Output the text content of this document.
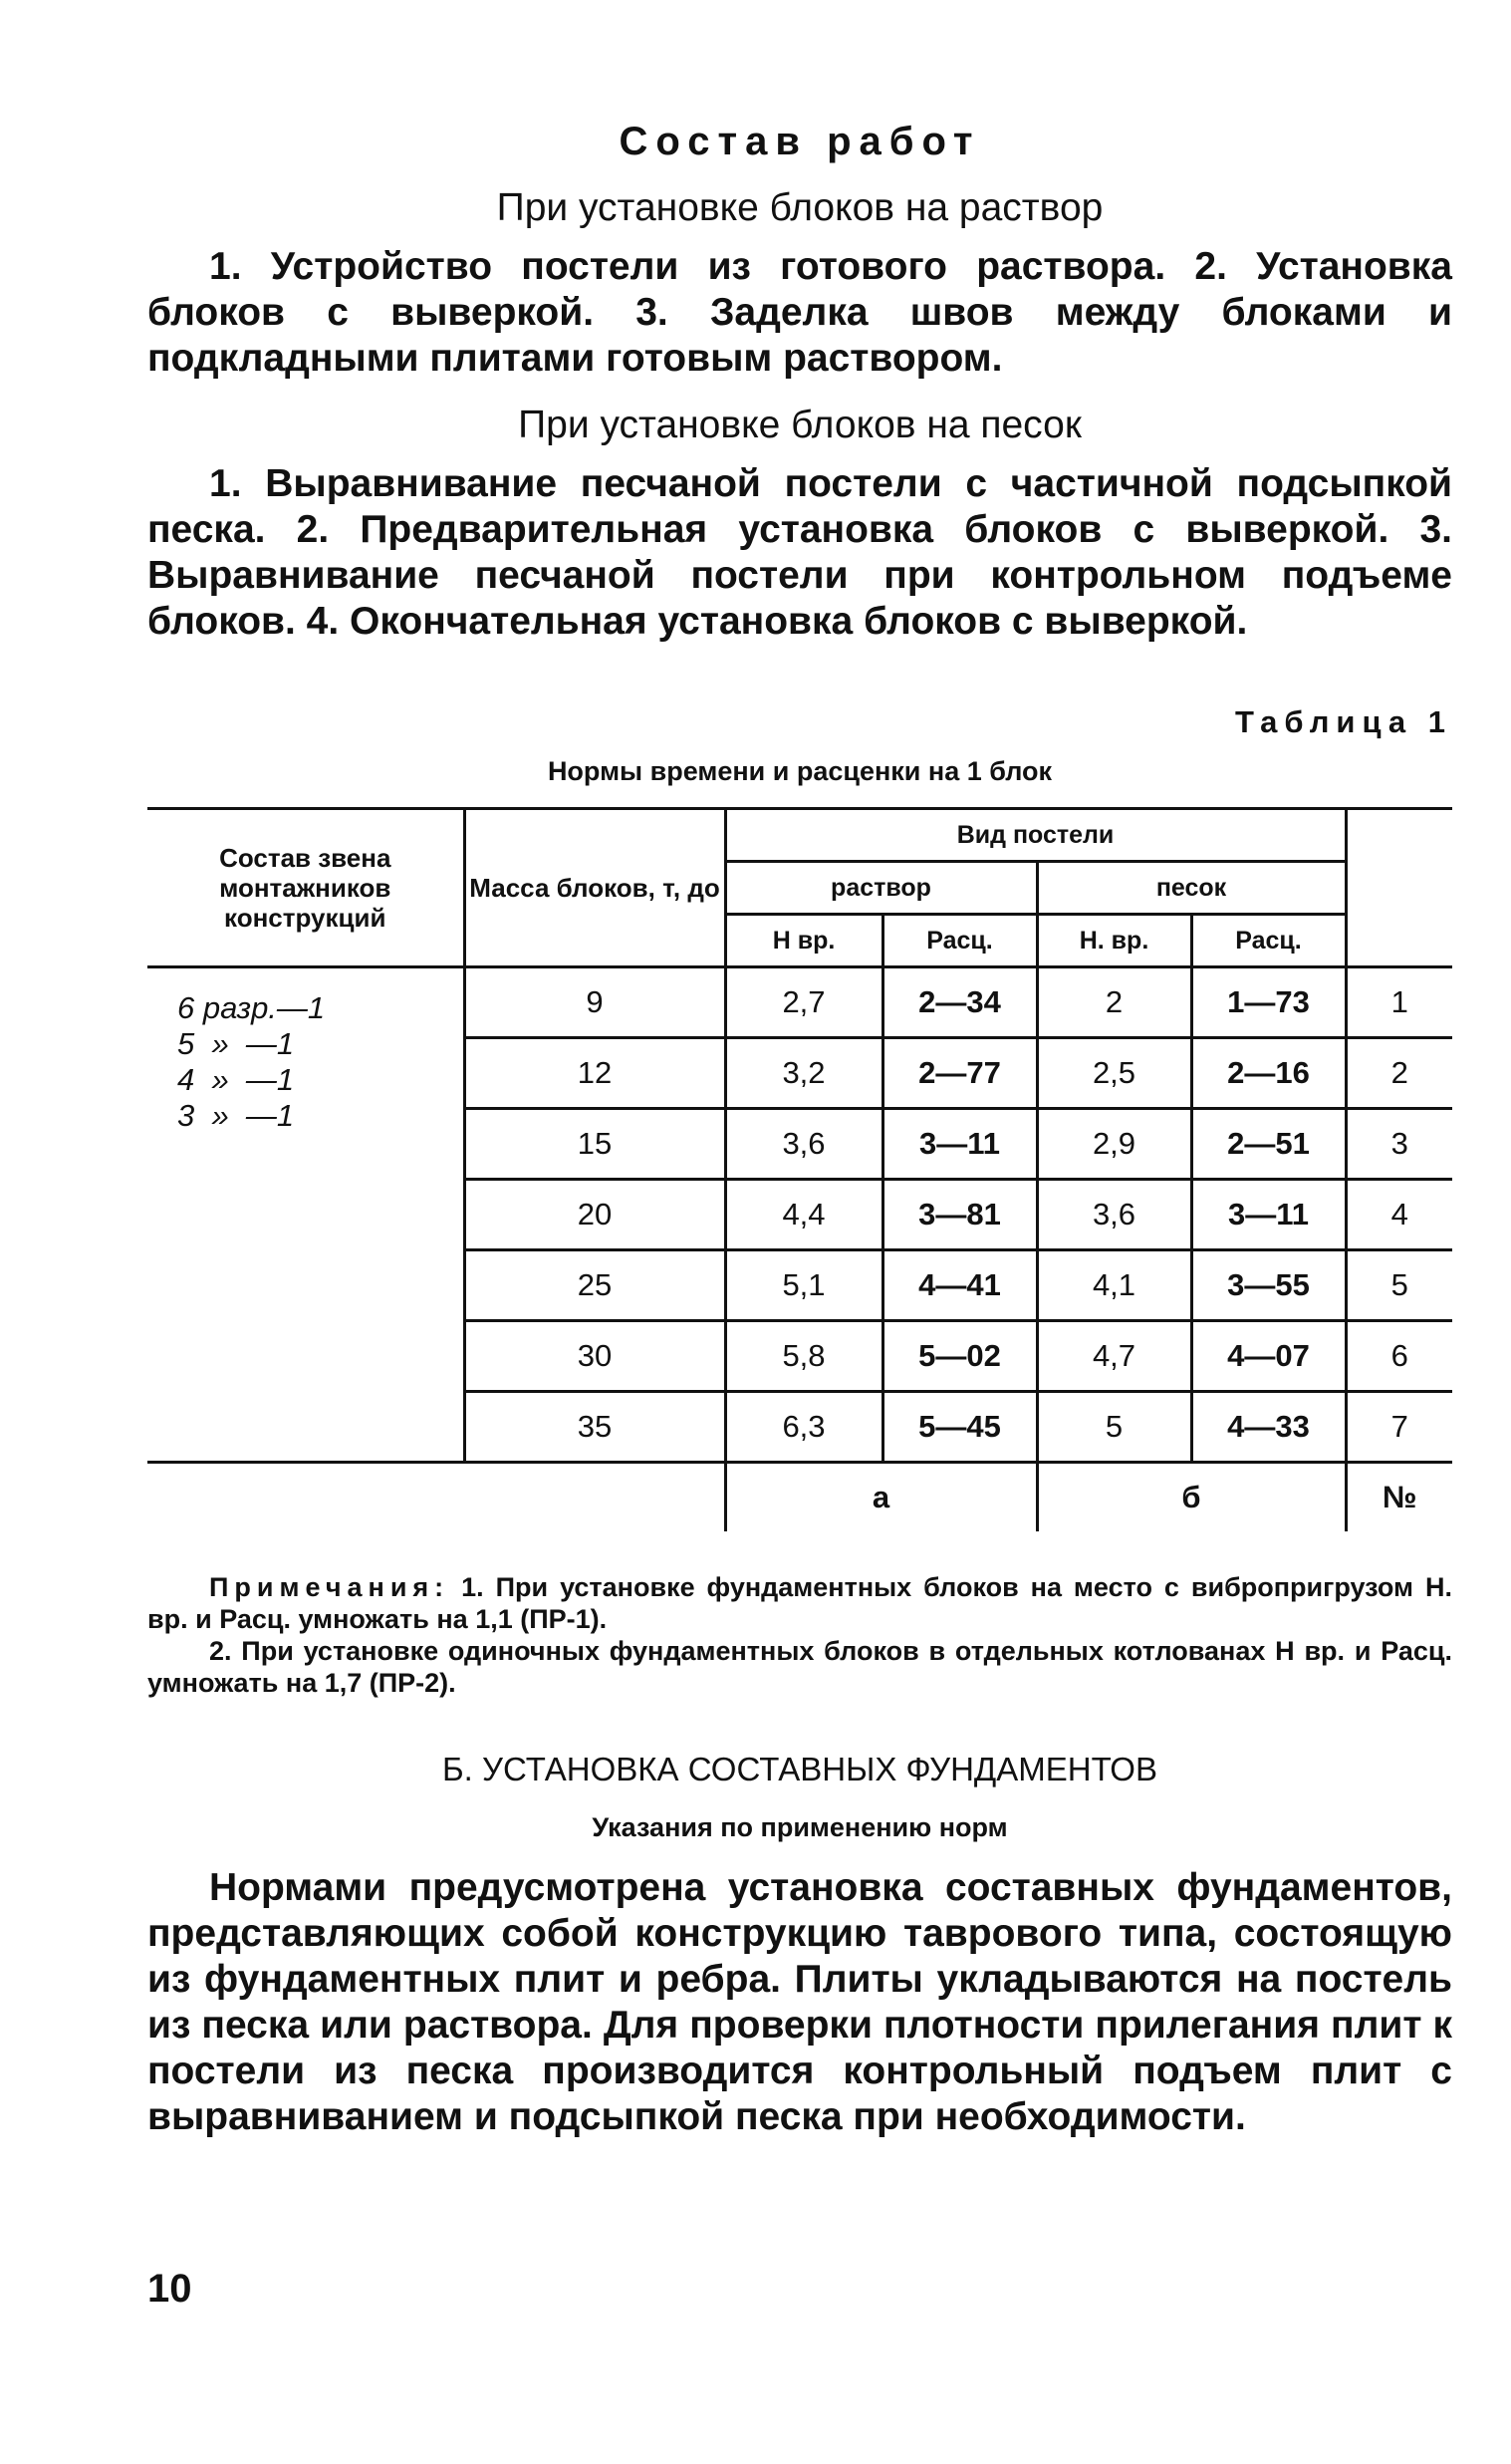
Состав работ
При установке блоков на раствор

1. Устройство постели из готового раствора. 2. Установка блоков с выверкой. 3. Заделка швов между блоками и подкладными плитами готовым раствором.

При установке блоков на песок

1. Выравнивание песчаной постели с частичной подсыпкой песка. 2. Предварительная установка блоков с выверкой. 3. Выравнивание песчаной постели при контрольном подъеме блоков. 4. Окончательная установка блоков с выверкой.

Таблица 1
Нормы времени и расценки на 1 блок
Состав звена монтажников конструкций	Масса блоков, т, до	Вид постели				
		раствор		песок		
		Н вр.	Расц.	Н. вр.	Расц.	

6 разр.—1
5  »  —1
4  »  —1
3  »  —1	9	2,7	2—34	2	1—73	1
	12	3,2	2—77	2,5	2—16	2
	15	3,6	3—11	2,9	2—51	3
	20	4,4	3—81	3,6	3—11	4
	25	5,1	4—41	4,1	3—55	5
	30	5,8	5—02	4,7	4—07	6
	35	6,3	5—45	5	4—33	7
		а		б		№

Примечания: 1. При установке фундаментных блоков на место с вибропригрузом Н. вр. и Расц. умножать на 1,1 (ПР-1).

2. При установке одиночных фундаментных блоков в отдельных котлованах Н вр. и Расц. умножать на 1,7 (ПР-2).

Б. УСТАНОВКА СОСТАВНЫХ ФУНДАМЕНТОВ
Указания по применению норм

Нормами предусмотрена установка составных фундаментов, представляющих собой конструкцию таврового типа, состоящую из фундаментных плит и ребра. Плиты укладываются на постель из песка или раствора. Для проверки плотности прилегания плит к постели из песка производится контрольный подъем плит с выравниванием и подсыпкой песка при необходимости.

10
